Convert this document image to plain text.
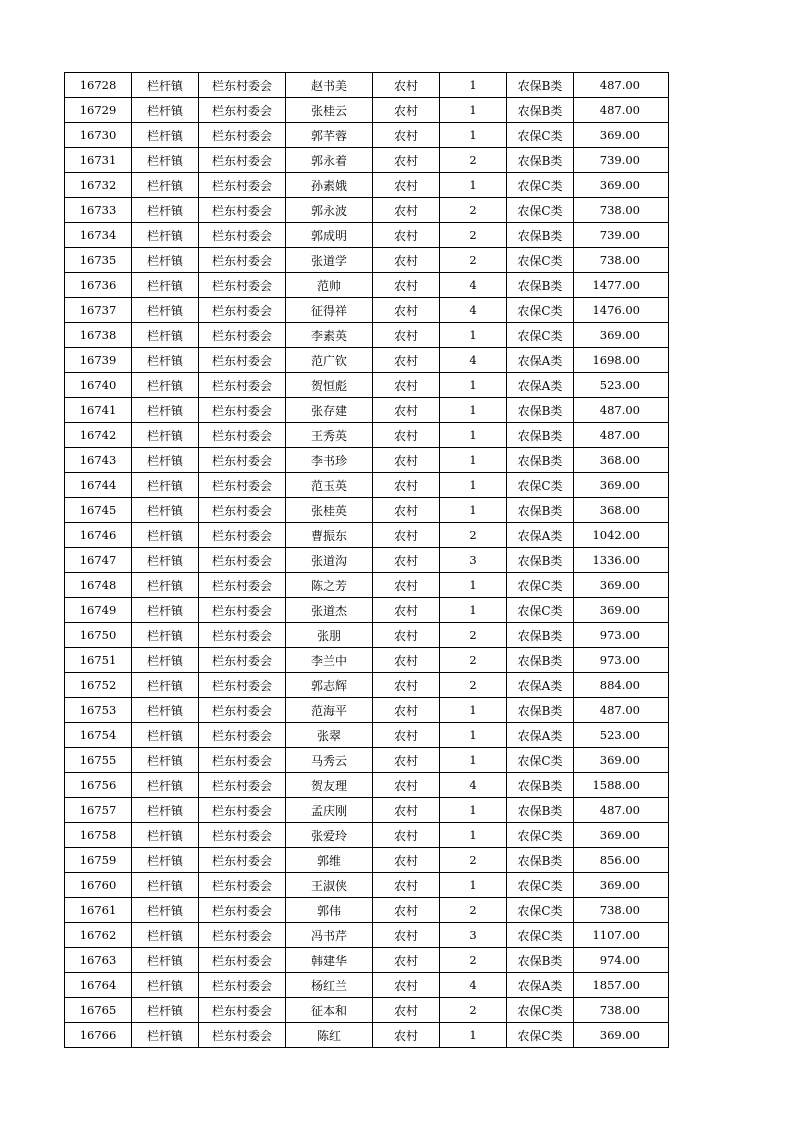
16728	栏杆镇	栏东村委会	赵书美	农村	1	农保B类	487.00
16729	栏杆镇	栏东村委会	张桂云	农村	1	农保B类	487.00
16730	栏杆镇	栏东村委会	郭芊蓉	农村	1	农保C类	369.00
16731	栏杆镇	栏东村委会	郭永着	农村	2	农保B类	739.00
16732	栏杆镇	栏东村委会	孙素娥	农村	1	农保C类	369.00
16733	栏杆镇	栏东村委会	郭永波	农村	2	农保C类	738.00
16734	栏杆镇	栏东村委会	郭成明	农村	2	农保B类	739.00
16735	栏杆镇	栏东村委会	张道学	农村	2	农保C类	738.00
16736	栏杆镇	栏东村委会	范帅	农村	4	农保B类	1477.00
16737	栏杆镇	栏东村委会	征得祥	农村	4	农保C类	1476.00
16738	栏杆镇	栏东村委会	李素英	农村	1	农保C类	369.00
16739	栏杆镇	栏东村委会	范广钦	农村	4	农保A类	1698.00
16740	栏杆镇	栏东村委会	贺恒彪	农村	1	农保A类	523.00
16741	栏杆镇	栏东村委会	张存建	农村	1	农保B类	487.00
16742	栏杆镇	栏东村委会	王秀英	农村	1	农保B类	487.00
16743	栏杆镇	栏东村委会	李书珍	农村	1	农保B类	368.00
16744	栏杆镇	栏东村委会	范玉英	农村	1	农保C类	369.00
16745	栏杆镇	栏东村委会	张桂英	农村	1	农保B类	368.00
16746	栏杆镇	栏东村委会	曹振东	农村	2	农保A类	1042.00
16747	栏杆镇	栏东村委会	张道沟	农村	3	农保B类	1336.00
16748	栏杆镇	栏东村委会	陈之芳	农村	1	农保C类	369.00
16749	栏杆镇	栏东村委会	张道杰	农村	1	农保C类	369.00
16750	栏杆镇	栏东村委会	张朋	农村	2	农保B类	973.00
16751	栏杆镇	栏东村委会	李兰中	农村	2	农保B类	973.00
16752	栏杆镇	栏东村委会	郭志辉	农村	2	农保A类	884.00
16753	栏杆镇	栏东村委会	范海平	农村	1	农保B类	487.00
16754	栏杆镇	栏东村委会	张翠	农村	1	农保A类	523.00
16755	栏杆镇	栏东村委会	马秀云	农村	1	农保C类	369.00
16756	栏杆镇	栏东村委会	贺友理	农村	4	农保B类	1588.00
16757	栏杆镇	栏东村委会	孟庆刚	农村	1	农保B类	487.00
16758	栏杆镇	栏东村委会	张爱玲	农村	1	农保C类	369.00
16759	栏杆镇	栏东村委会	郭维	农村	2	农保B类	856.00
16760	栏杆镇	栏东村委会	王淑侠	农村	1	农保C类	369.00
16761	栏杆镇	栏东村委会	郭伟	农村	2	农保C类	738.00
16762	栏杆镇	栏东村委会	冯书芹	农村	3	农保C类	1107.00
16763	栏杆镇	栏东村委会	韩建华	农村	2	农保B类	974.00
16764	栏杆镇	栏东村委会	杨红兰	农村	4	农保A类	1857.00
16765	栏杆镇	栏东村委会	征本和	农村	2	农保C类	738.00
16766	栏杆镇	栏东村委会	陈红	农村	1	农保C类	369.00
